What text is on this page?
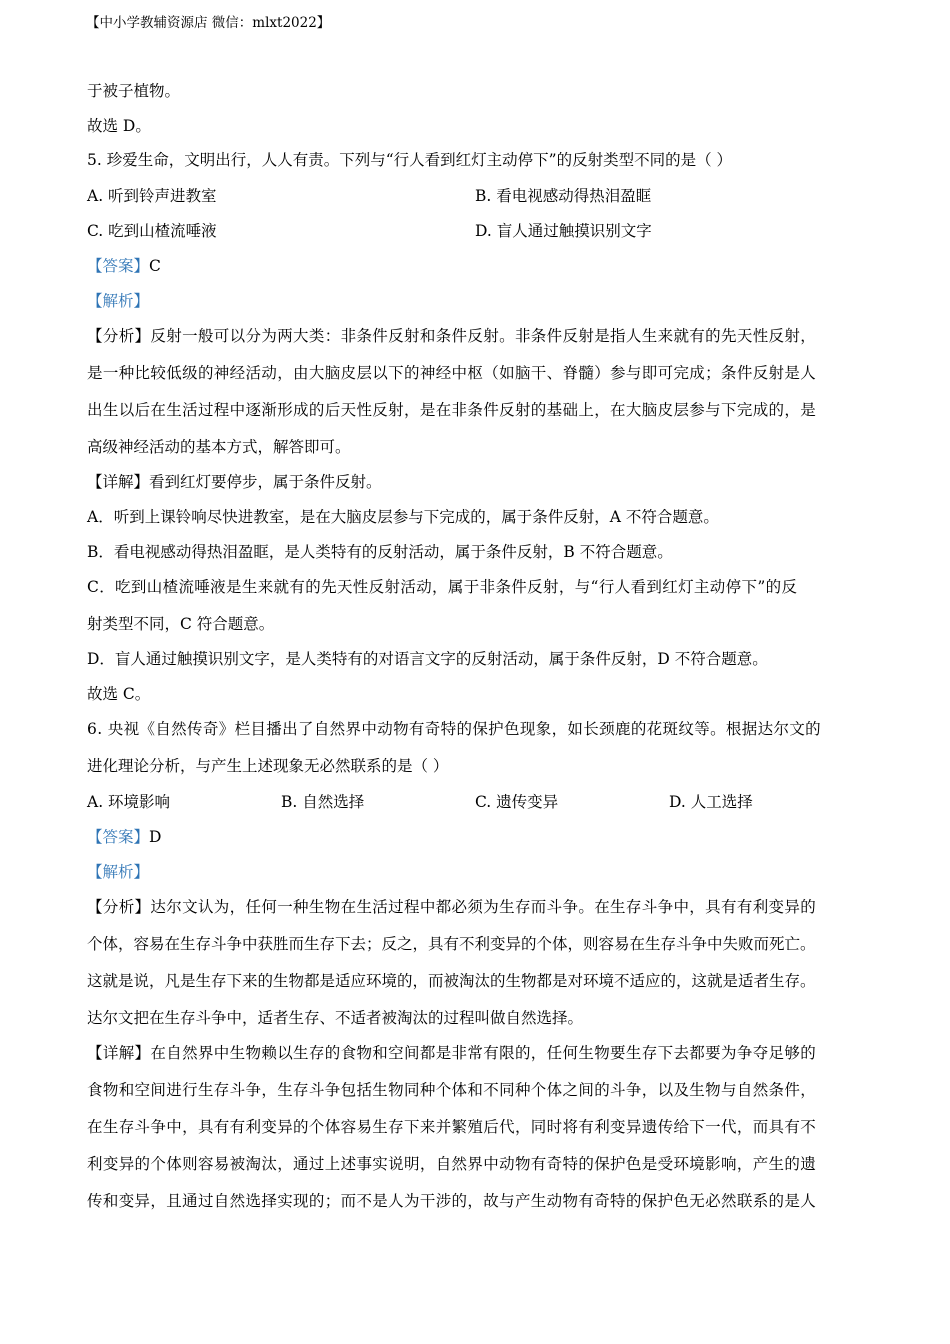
【中小学教辅资源店 微信：mlxt2022】
于被子植物。
故选 D。
5. 珍爱生命，文明出行，人人有责。下列与“行人看到红灯主动停下”的反射类型不同的是（ ）
A. 听到铃声进教室	B. 看电视感动得热泪盈眶
C. 吃到山楂流唾液	D. 盲人通过触摸识别文字
【答案】C
【解析】
【分析】反射一般可以分为两大类：非条件反射和条件反射。非条件反射是指人生来就有的先天性反射，
是一种比较低级的神经活动，由大脑皮层以下的神经中枢（如脑干、脊髓）参与即可完成；条件反射是人
出生以后在生活过程中逐渐形成的后天性反射，是在非条件反射的基础上，在大脑皮层参与下完成的，是
高级神经活动的基本方式，解答即可。
【详解】看到红灯要停步，属于条件反射。
A．听到上课铃响尽快进教室，是在大脑皮层参与下完成的，属于条件反射，A 不符合题意。
B．看电视感动得热泪盈眶，是人类特有的反射活动，属于条件反射，B 不符合题意。
C．吃到山楂流唾液是生来就有的先天性反射活动，属于非条件反射，与“行人看到红灯主动停下”的反
射类型不同，C 符合题意。
D．盲人通过触摸识别文字，是人类特有的对语言文字的反射活动，属于条件反射，D 不符合题意。
故选 C。
6. 央视《自然传奇》栏目播出了自然界中动物有奇特的保护色现象，如长颈鹿的花斑纹等。根据达尔文的
进化理论分析，与产生上述现象无必然联系的是（ ）
A. 环境影响	B. 自然选择	C. 遗传变异	D. 人工选择
【答案】D
【解析】
【分析】达尔文认为，任何一种生物在生活过程中都必须为生存而斗争。在生存斗争中，具有有利变异的
个体，容易在生存斗争中获胜而生存下去；反之，具有不利变异的个体，则容易在生存斗争中失败而死亡。
这就是说，凡是生存下来的生物都是适应环境的，而被淘汰的生物都是对环境不适应的，这就是适者生存。
达尔文把在生存斗争中，适者生存、不适者被淘汰的过程叫做自然选择。
【详解】在自然界中生物赖以生存的食物和空间都是非常有限的，任何生物要生存下去都要为争夺足够的
食物和空间进行生存斗争，生存斗争包括生物同种个体和不同种个体之间的斗争，以及生物与自然条件，
在生存斗争中，具有有利变异的个体容易生存下来并繁殖后代，同时将有利变异遗传给下一代，而具有不
利变异的个体则容易被淘汰，通过上述事实说明，自然界中动物有奇特的保护色是受环境影响，产生的遗
传和变异，且通过自然选择实现的；而不是人为干涉的，故与产生动物有奇特的保护色无必然联系的是人
